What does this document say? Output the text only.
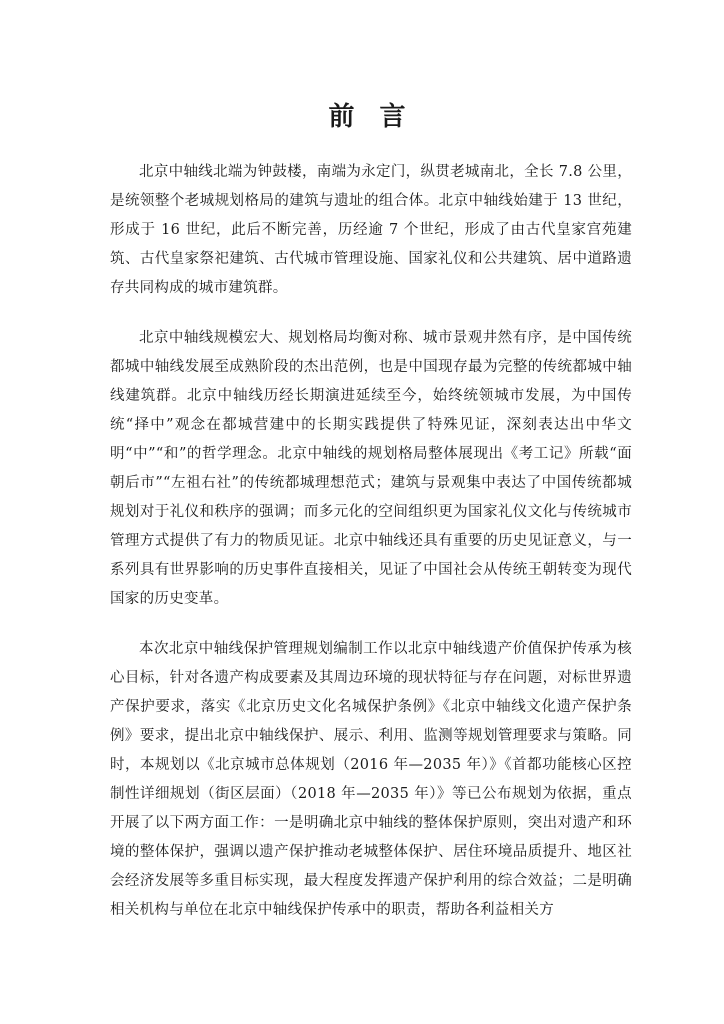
前 言

北京中轴线北端为钟鼓楼，南端为永定门，纵贯老城南北，全长 7.8 公里，是统领整个老城规划格局的建筑与遗址的组合体。北京中轴线始建于 13 世纪，形成于 16 世纪，此后不断完善，历经逾 7 个世纪，形成了由古代皇家宫苑建筑、古代皇家祭祀建筑、古代城市管理设施、国家礼仪和公共建筑、居中道路遗存共同构成的城市建筑群。

北京中轴线规模宏大、规划格局均衡对称、城市景观井然有序，是中国传统都城中轴线发展至成熟阶段的杰出范例，也是中国现存最为完整的传统都城中轴线建筑群。北京中轴线历经长期演进延续至今，始终统领城市发展，为中国传统“择中”观念在都城营建中的长期实践提供了特殊见证，深刻表达出中华文明“中”“和”的哲学理念。北京中轴线的规划格局整体展现出《考工记》所载“面朝后市”“左祖右社”的传统都城理想范式；建筑与景观集中表达了中国传统都城规划对于礼仪和秩序的强调；而多元化的空间组织更为国家礼仪文化与传统城市管理方式提供了有力的物质见证。北京中轴线还具有重要的历史见证意义，与一系列具有世界影响的历史事件直接相关，见证了中国社会从传统王朝转变为现代国家的历史变革。

本次北京中轴线保护管理规划编制工作以北京中轴线遗产价值保护传承为核心目标，针对各遗产构成要素及其周边环境的现状特征与存在问题，对标世界遗产保护要求，落实《北京历史文化名城保护条例》《北京中轴线文化遗产保护条例》要求，提出北京中轴线保护、展示、利用、监测等规划管理要求与策略。同时，本规划以《北京城市总体规划（2016 年—2035 年）》《首都功能核心区控制性详细规划（街区层面）（2018 年—2035 年）》等已公布规划为依据，重点开展了以下两方面工作：一是明确北京中轴线的整体保护原则，突出对遗产和环境的整体保护，强调以遗产保护推动老城整体保护、居住环境品质提升、地区社会经济发展等多重目标实现，最大程度发挥遗产保护利用的综合效益；二是明确相关机构与单位在北京中轴线保护传承中的职责，帮助各利益相关方
